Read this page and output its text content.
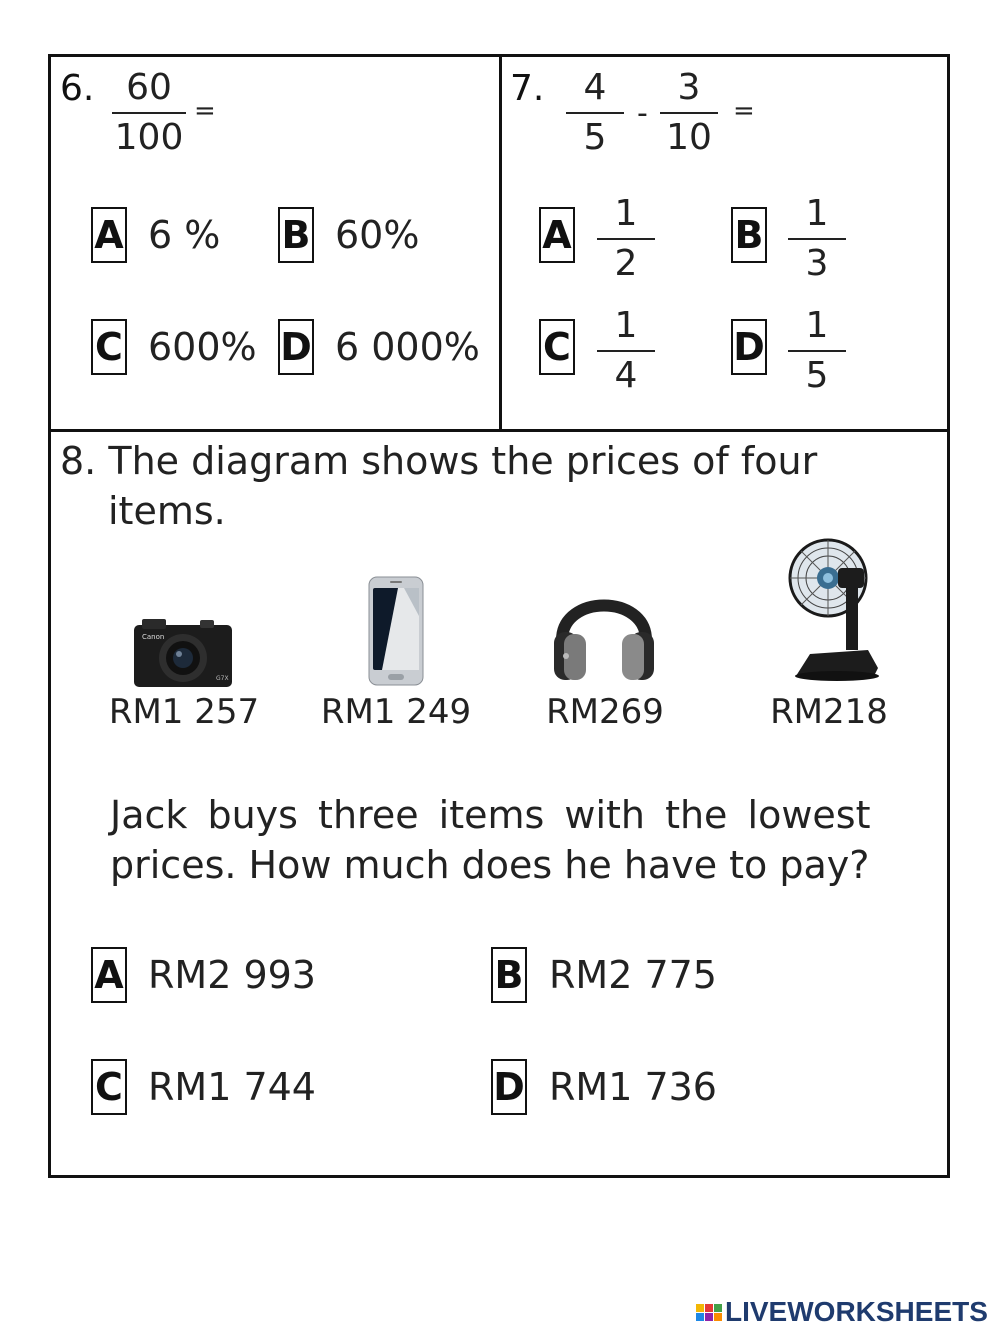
6. 60
100
=
A 6 % B 60%
C 600% D 6 000%
7.	4
5
-
3
10
=
A	1
2
B	1
3
C	1
4
D	1
5
8. The diagram shows the prices of four
items.
Canon
G7X
RM1 257	RM1 249	RM269	RM218
Jack buys three items with the lowest
prices. How much does he have to pay?
A RM2 993	B RM2 775
C RM1 744	D RM1 736
LIVEWORKSHEETS
